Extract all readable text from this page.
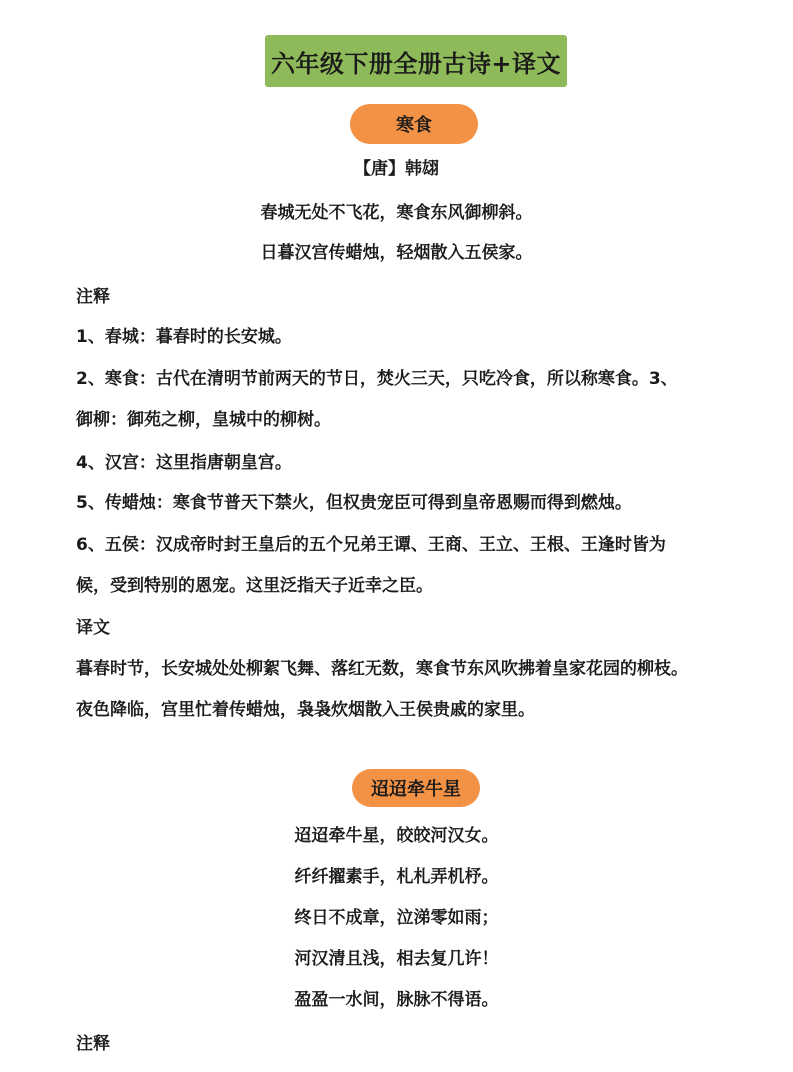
六年级下册全册古诗+译文
寒食
【唐】韩翃
春城无处不飞花，寒食东风御柳斜。
日暮汉宫传蜡烛，轻烟散入五侯家。
注释
1、春城：暮春时的长安城。
2、寒食：古代在清明节前两天的节日，焚火三天，只吃冷食，所以称寒食。3、
御柳：御苑之柳，皇城中的柳树。
4、汉宫：这里指唐朝皇宫。
5、传蜡烛：寒食节普天下禁火，但权贵宠臣可得到皇帝恩赐而得到燃烛。
6、五侯：汉成帝时封王皇后的五个兄弟王谭、王商、王立、王根、王逢时皆为
候，受到特别的恩宠。这里泛指天子近幸之臣。
译文
暮春时节，长安城处处柳絮飞舞、落红无数，寒食节东风吹拂着皇家花园的柳枝。
夜色降临，宫里忙着传蜡烛，袅袅炊烟散入王侯贵戚的家里。
迢迢牵牛星
迢迢牵牛星，皎皎河汉女。
纤纤擢素手，札札弄机杼。
终日不成章，泣涕零如雨；
河汉清且浅，相去复几许！
盈盈一水间，脉脉不得语。
注释
